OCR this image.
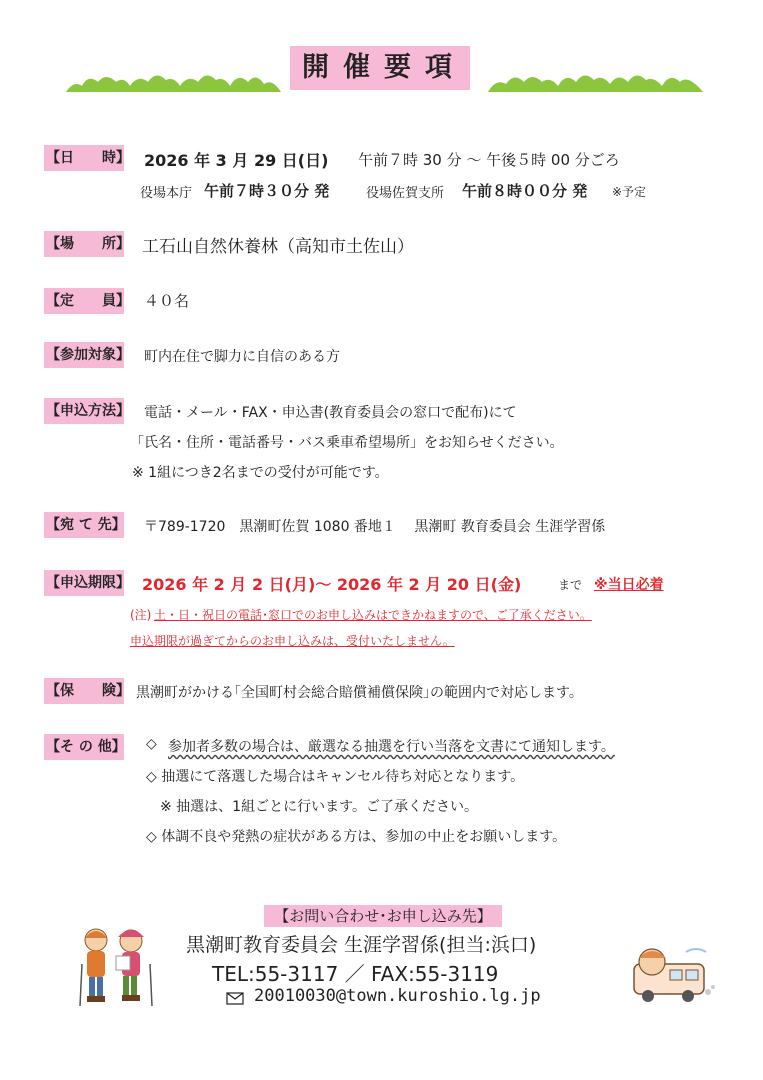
開催要項
【日　　時】 2026 年 3 月 29 日(日) 午前７時 30 分 ～ 午後５時 00 分ごろ
役場本庁 午前７時３０分 発	役場佐賀支所 午前８時００分 発 ※予定
【場　　所】 工石山自然休養林（高知市土佐山）
【定　　員】 ４０名
【参加対象】 町内在住で脚力に自信のある方
【申込方法】 電話・メール・FAX・申込書(教育委員会の窓口で配布)にて
「氏名・住所・電話番号・バス乗車希望場所」をお知らせください。
※ 1組につき2名までの受付が可能です。
【宛 て 先】 〒789-1720　黒潮町佐賀 1080 番地１　 黒潮町 教育委員会 生涯学習係
【申込期限】 2026 年 2 月 2 日(月)～ 2026 年 2 月 20 日(金)	まで ※当日必着
(注) 土・日・祝日の電話･窓口でのお申し込みはできかねますので、ご了承ください。
申込期限が過ぎてからのお申し込みは、受付いたしません。
【保　　険】 黒潮町がかける｢全国町村会総合賠償補償保険｣の範囲内で対応します。
【そ の 他】 ◇ 参加者多数の場合は、厳選なる抽選を行い当落を文書にて通知します。
◇ 抽選にて落選した場合はキャンセル待ち対応となります。
※ 抽選は、1組ごとに行います。ご了承ください。
◇ 体調不良や発熱の症状がある方は、参加の中止をお願いします。
【お問い合わせ･お申し込み先】
黒潮町教育委員会 生涯学習係(担当:浜口)
TEL:55-3117 ／ FAX:55-3119
20010030@town.kuroshio.lg.jp
